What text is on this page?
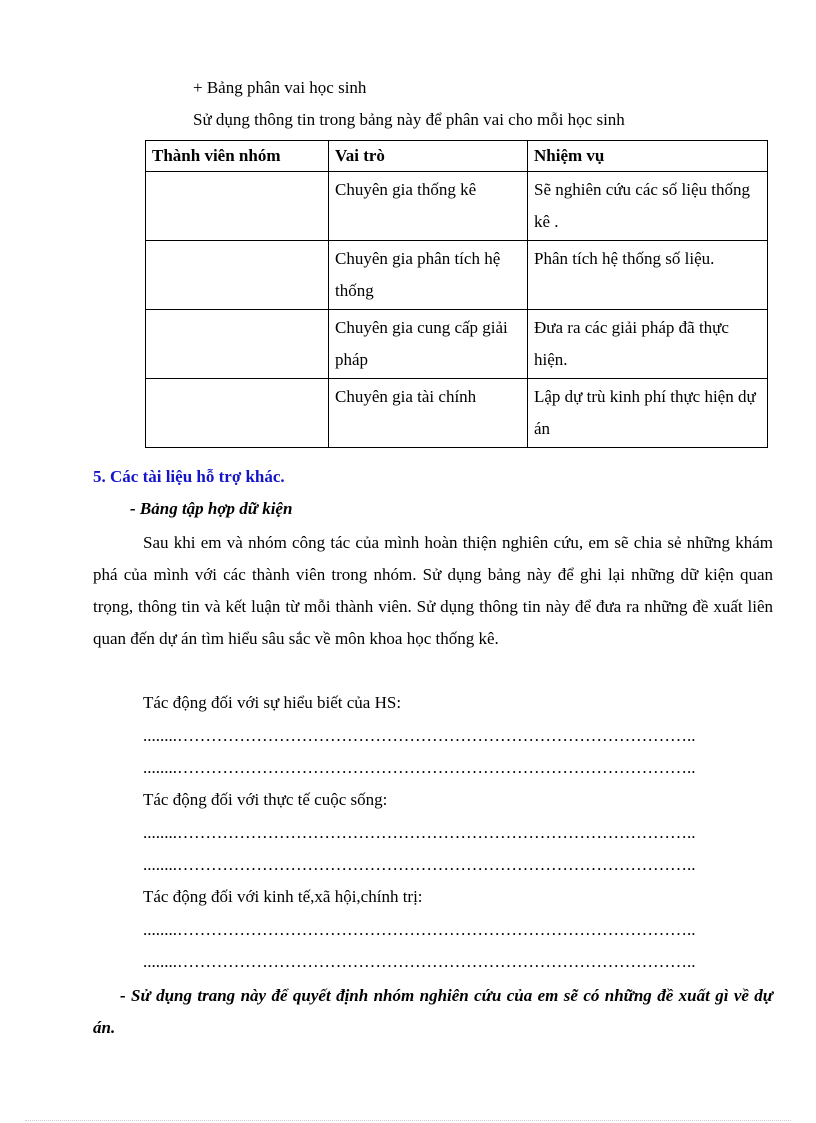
+ Bảng phân vai học sinh
Sử dụng thông tin trong bảng này để phân vai cho mỗi học sinh
Thành viên nhóm	Vai trò	Nhiệm vụ
	Chuyên gia thống kê	Sẽ nghiên cứu các số liệu thống kê .
	Chuyên gia phân tích hệ thống	Phân tích hệ thống số liệu.
	Chuyên gia cung cấp giải pháp	Đưa ra các giải pháp đã thực hiện.
	Chuyên gia tài chính	Lập dự trù kinh phí thực hiện dự án
5. Các tài liệu hỗ trợ khác.
- Bảng tập hợp dữ kiện

Sau khi em và nhóm công tác của mình hoàn thiện nghiên cứu, em sẽ chia sẻ những khám phá của mình với các thành viên trong nhóm. Sử dụng bảng này để ghi lại những dữ kiện quan trọng, thông tin và kết luận từ mỗi thành viên. Sử dụng thông tin này để đưa ra những đề xuất liên quan đến dự án tìm hiểu sâu sắc về môn khoa học thống kê.

Tác động đối với sự hiểu biết của HS:
........………………………………………………………………………………..
........………………………………………………………………………………..
Tác động đối với thực tế cuộc sống:
........………………………………………………………………………………..
........………………………………………………………………………………..
Tác động đối với kinh tế,xã hội,chính trị:
........………………………………………………………………………………..
........………………………………………………………………………………..

- Sử dụng trang này để quyết định nhóm nghiên cứu của em sẽ có những đề xuất gì về dự án.
